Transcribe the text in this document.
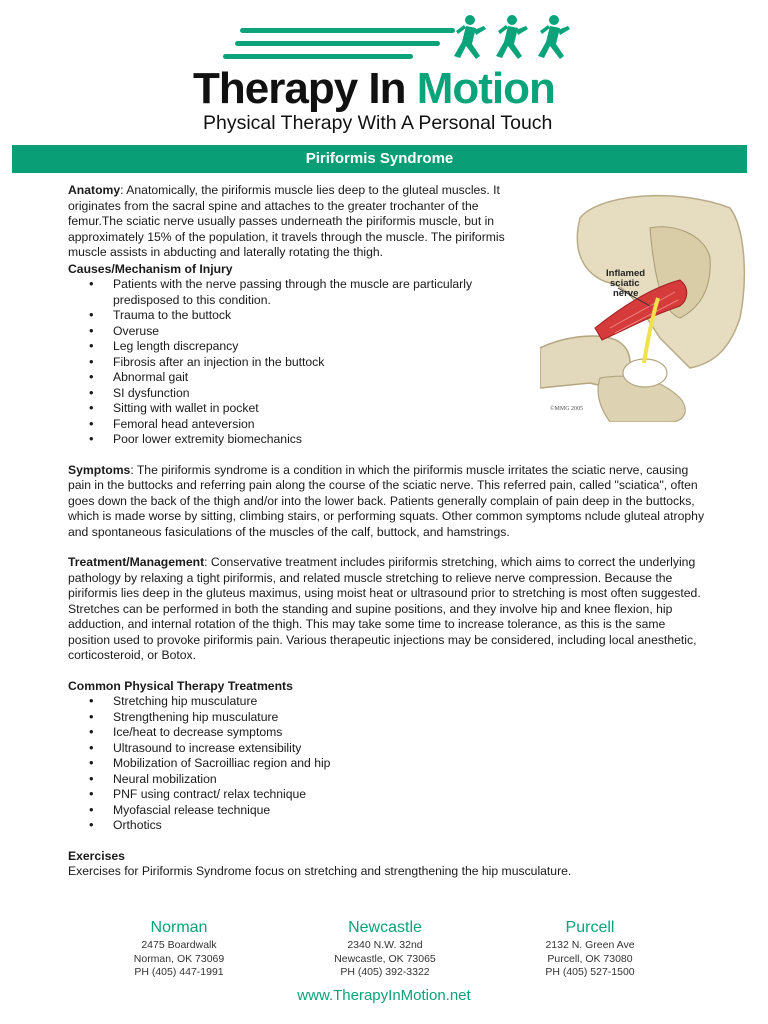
Therapy In Motion
Physical Therapy With A Personal Touch
Piriformis Syndrome
Inflamed
sciatic
nerve
©MMG 2005

Anatomy: Anatomically, the piriformis muscle lies deep to the gluteal muscles. It originates from the sacral spine and attaches to the greater trochanter of the femur.The sciatic nerve usually passes underneath the piriformis muscle, but in approximately 15% of the population, it travels through the muscle. The piriformis muscle assists in abducting and laterally rotating the thigh.

Causes/Mechanism of Injury

• Patients with the nerve passing through the muscle are particularly predisposed to this condition.
• Trauma to the buttock
• Overuse
• Leg length discrepancy
• Fibrosis after an injection in the buttock
• Abnormal gait
• SI dysfunction
• Sitting with wallet in pocket
• Femoral head anteversion
• Poor lower extremity biomechanics

Symptoms: The piriformis syndrome is a condition in which the piriformis muscle irritates the sciatic nerve, causing pain in the buttocks and referring pain along the course of the sciatic nerve. This referred pain, called "sciatica", often goes down the back of the thigh and/or into the lower back. Patients generally complain of pain deep in the buttocks, which is made worse by sitting, climbing stairs, or performing squats. Other common symptoms nclude gluteal atrophy and spontaneous fasiculations of the muscles of the calf, buttock, and hamstrings.

Treatment/Management: Conservative treatment includes piriformis stretching, which aims to correct the underlying pathology by relaxing a tight piriformis, and related muscle stretching to relieve nerve compression. Because the piriformis lies deep in the gluteus maximus, using moist heat or ultrasound prior to stretching is most often suggested. Stretches can be performed in both the standing and supine positions, and they involve hip and knee flexion, hip adduction, and internal rotation of the thigh. This may take some time to increase tolerance, as this is the same position used to provoke piriformis pain. Various therapeutic injections may be considered, including local anesthetic, corticosteroid, or Botox.

Common Physical Therapy Treatments

• Stretching hip musculature
• Strengthening hip musculature
• Ice/heat to decrease symptoms
• Ultrasound to increase extensibility
• Mobilization of Sacroilliac region and hip
• Neural mobilization
• PNF using contract/ relax technique
• Myofascial release technique
• Orthotics

Exercises

Exercises for Piriformis Syndrome focus on stretching and strengthening the hip musculature.

Norman
2475 Boardwalk
Norman, OK 73069
PH (405) 447-1991
Newcastle
2340 N.W. 32nd
Newcastle, OK 73065
PH (405) 392-3322
Purcell
2132 N. Green Ave
Purcell, OK 73080
PH (405) 527-1500
www.TherapyInMotion.net
